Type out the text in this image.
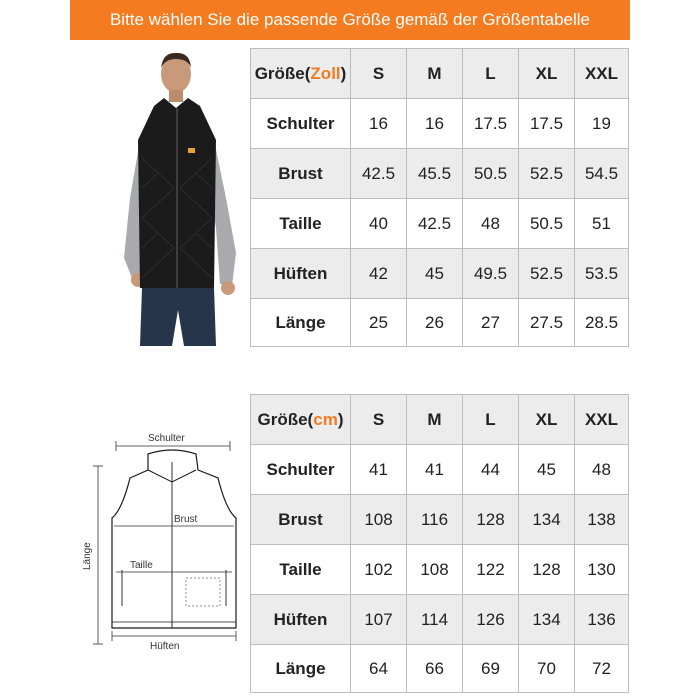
Bitte wählen Sie die passende Größe gemäß der Größentabelle
Größe(Zoll)	S	M	L	XL	XXL
Schulter	16	16	17.5	17.5	19
Brust	42.5	45.5	50.5	52.5	54.5
Taille	40	42.5	48	50.5	51
Hüften	42	45	49.5	52.5	53.5
Länge	25	26	27	27.5	28.5
Schulter
Länge
Brust
Taille
Hüften
Größe(cm)	S	M	L	XL	XXL
Schulter	41	41	44	45	48
Brust	108	116	128	134	138
Taille	102	108	122	128	130
Hüften	107	114	126	134	136
Länge	64	66	69	70	72
